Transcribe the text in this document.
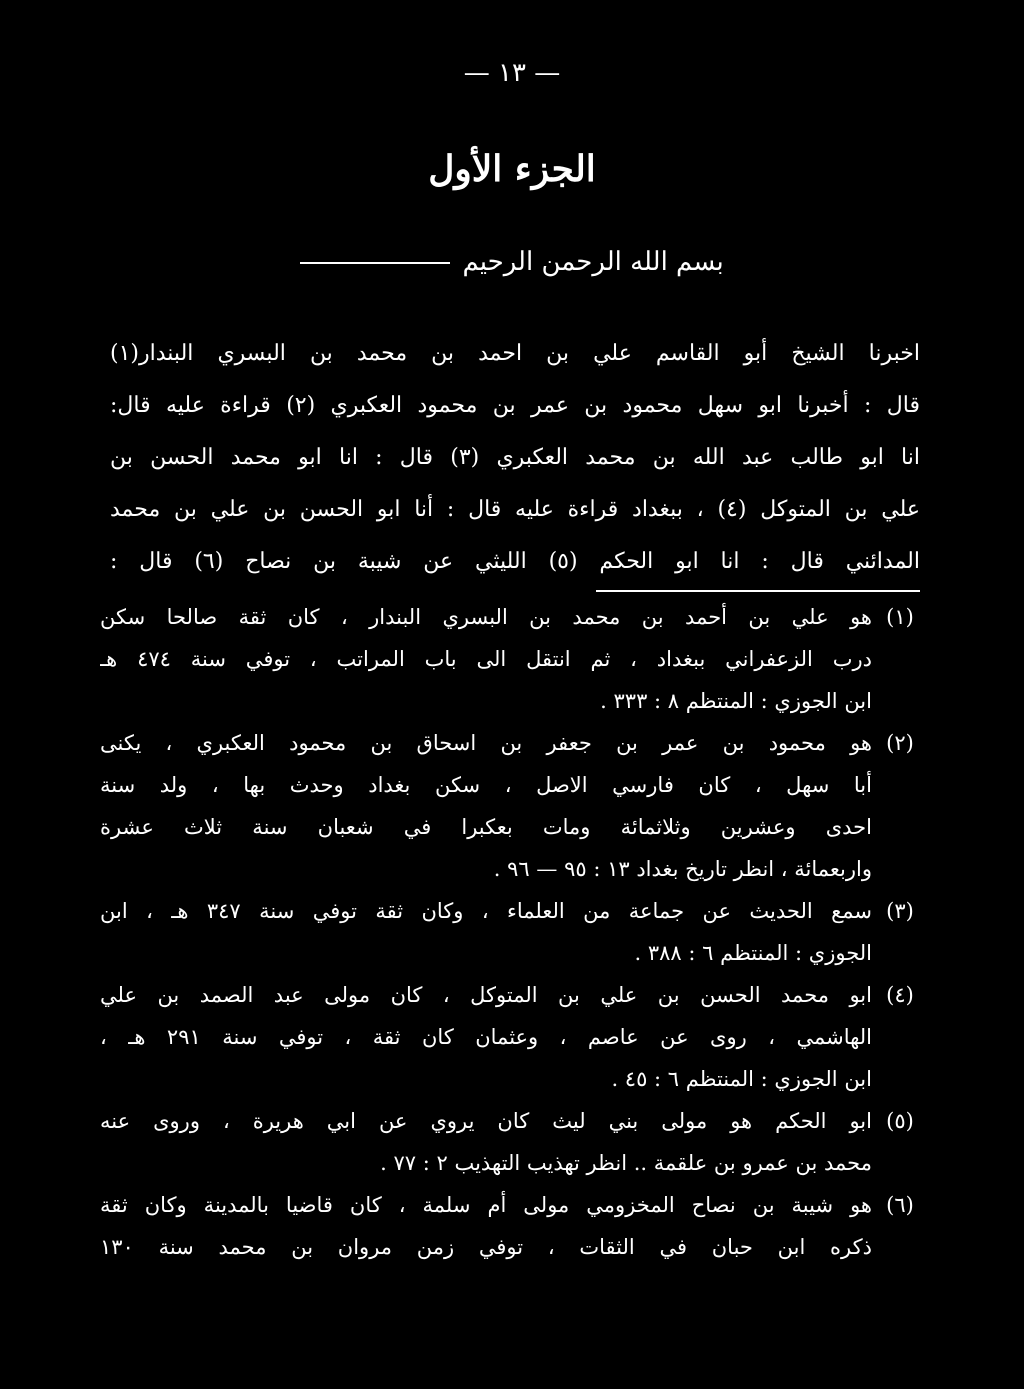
— ١٣ —
الجزء الأول
بسم الله الرحمن الرحيم
اخبرنا الشيخ أبو القاسم علي بن احمد بن محمد بن البسري البندار(١)
قال : أخبرنا ابو سهل محمود بن عمر بن محمود العكبري (٢) قراءة عليه قال:
انا ابو طالب عبد الله بن محمد العكبري (٣) قال : انا ابو محمد الحسن بن
علي بن المتوكل (٤) ، ببغداد قراءة عليه قال : أنا ابو الحسن بن علي بن محمد
المدائني قال : انا ابو الحكم (٥) الليثي عن شيبة بن نصاح (٦) قال :
(١)
هو علي بن أحمد بن محمد بن البسري البندار ، كان ثقة صالحا سكن
درب الزعفراني ببغداد ، ثم انتقل الى باب المراتب ، توفي سنة ٤٧٤ هـ
ابن الجوزي : المنتظم ٨ : ٣٣٣ .
(٢)
هو محمود بن عمر بن جعفر بن اسحاق بن محمود العكبري ، يكنى
أبا سهل ، كان فارسي الاصل ، سكن بغداد وحدث بها ، ولد سنة
احدى وعشرين وثلاثمائة ومات بعكبرا في شعبان سنة ثلاث عشرة
واربعمائة ، انظر تاريخ بغداد ١٣ : ٩٥ — ٩٦ .
(٣)
سمع الحديث عن جماعة من العلماء ، وكان ثقة توفي سنة ٣٤٧ هـ ، ابن
الجوزي : المنتظم ٦ : ٣٨٨ .
(٤)
ابو محمد الحسن بن علي بن المتوكل ، كان مولى عبد الصمد بن علي
الهاشمي ، روى عن عاصم ، وعثمان كان ثقة ، توفي سنة ٢٩١ هـ ،
ابن الجوزي : المنتظم ٦ : ٤٥ .
(٥)
ابو الحكم هو مولى بني ليث كان يروي عن ابي هريرة ، وروى عنه
محمد بن عمرو بن علقمة .. انظر تهذيب التهذيب ٢ : ٧٧ .
(٦)
هو شيبة بن نصاح المخزومي مولى أم سلمة ، كان قاضيا بالمدينة وكان ثقة
ذكره ابن حبان في الثقات ، توفي زمن مروان بن محمد سنة ١٣٠
